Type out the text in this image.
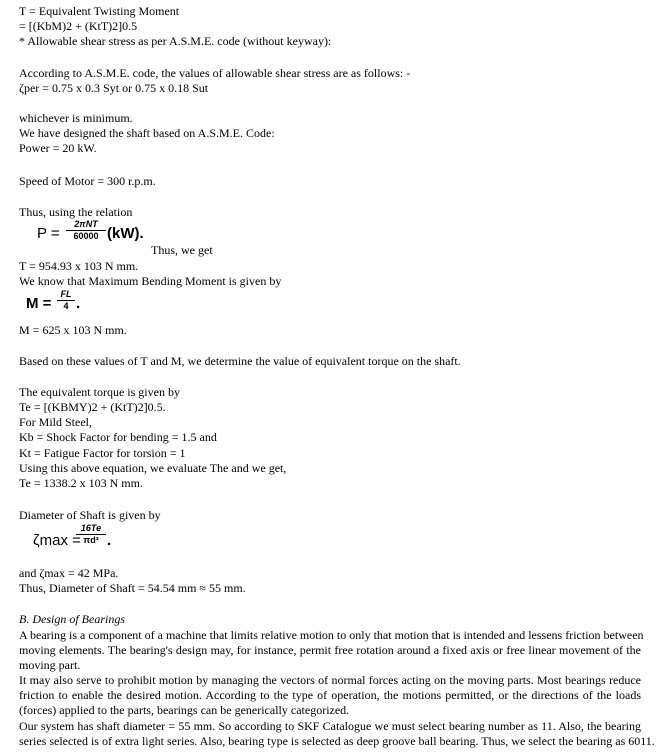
T = Equivalent Twisting Moment
= [(KbM)2 + (KtT)2]0.5
* Allowable shear stress as per A.S.M.E. code (without keyway):
According to A.S.M.E. code, the values of allowable shear stress are as follows: -
ζper = 0.75 x 0.3 Syt or 0.75 x 0.18 Sut
whichever is minimum.
We have designed the shaft based on A.S.M.E. Code:
Power = 20 kW.
Speed of Motor = 300 r.p.m.
Thus, using the relation
P =
2πNT
60000 (kW).
Thus, we get
T = 954.93 x 103 N mm.
We know that Maximum Bending Moment is given by
M =
FL
4 .
M = 625 x 103 N mm.
Based on these values of T and M, we determine the value of equivalent torque on the shaft.
The equivalent torque is given by
Te = [(KBMY)2 + (KtT)2]0.5.
For Mild Steel,
Kb = Shock Factor for bending = 1.5 and
Kt = Fatigue Factor for torsion = 1
Using this above equation, we evaluate The and we get,
Te = 1338.2 x 103 N mm.
Diameter of Shaft is given by
ζmax =
16Te
πd³ .
and ζmax = 42 MPa.
Thus, Diameter of Shaft = 54.54 mm ≈ 55 mm.
B. Design of Bearings
A bearing is a component of a machine that limits relative motion to only that motion that is intended and lessens friction between
moving elements. The bearing's design may, for instance, permit free rotation around a fixed axis or free linear movement of the
moving part.
It may also serve to prohibit motion by managing the vectors of normal forces acting on the moving parts. Most bearings reduce
friction to enable the desired motion. According to the type of operation, the motions permitted, or the directions of the loads
(forces) applied to the parts, bearings can be generically categorized.
Our system has shaft diameter = 55 mm. So according to SKF Catalogue we must select bearing number as 11. Also, the bearing
series selected is of extra light series. Also, bearing type is selected as deep groove ball bearing. Thus, we select the bearing as 6011.
